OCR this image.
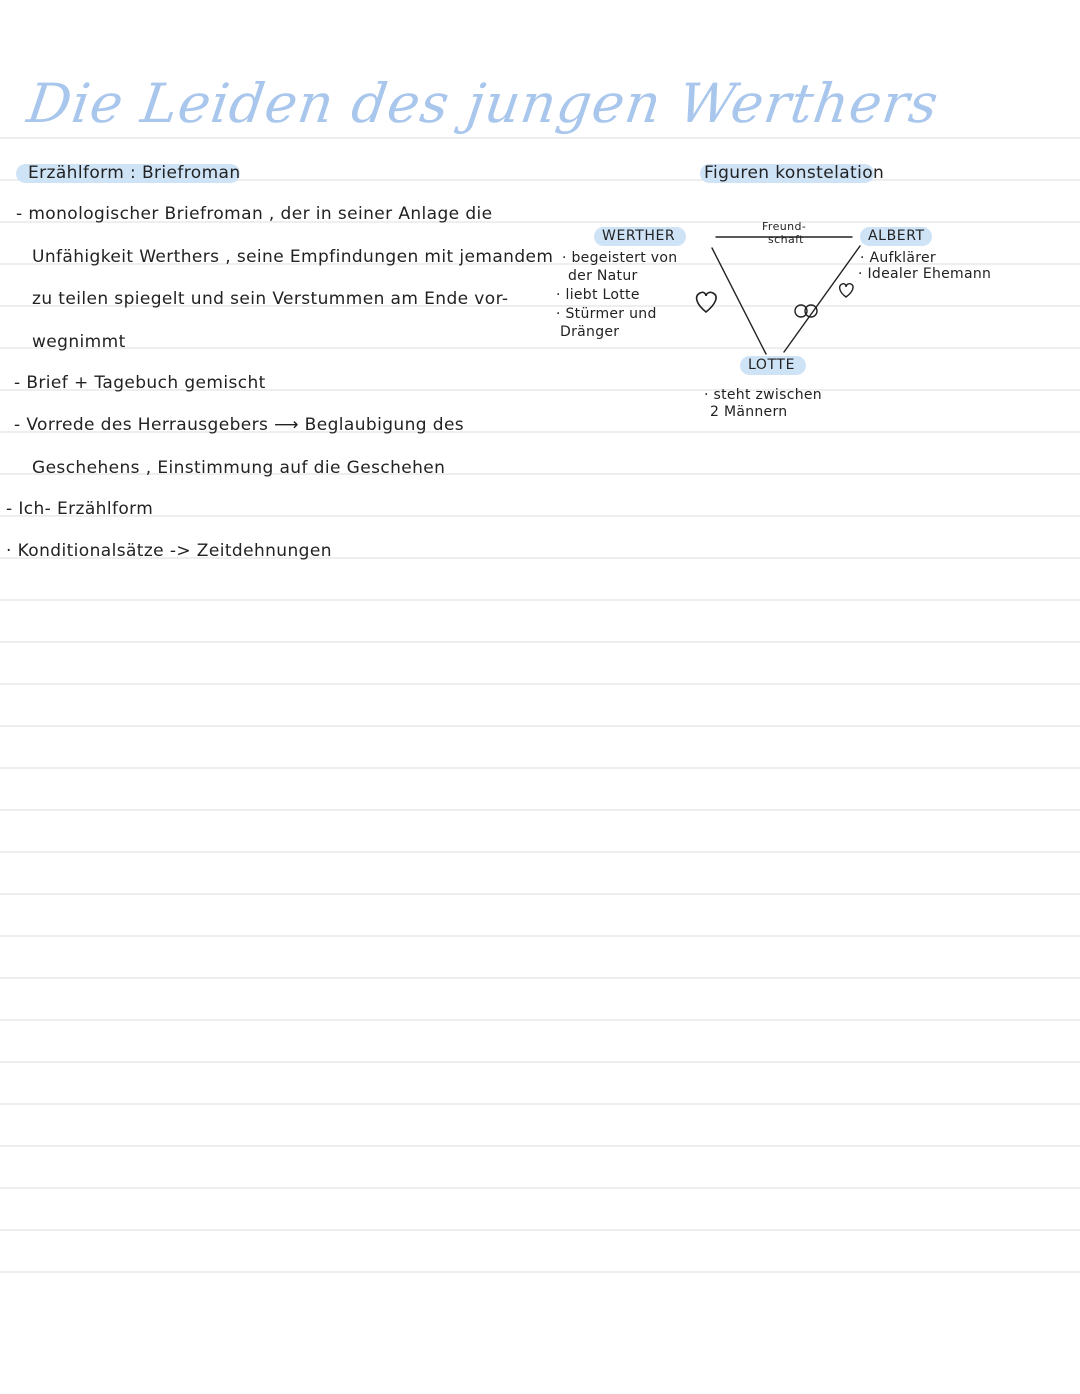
Die Leiden des jungen Werthers
Erzählform : Briefroman
- monologischer Briefroman , der in seiner Anlage die
Unfähigkeit Werthers , seine Empfindungen mit jemandem
zu teilen spiegelt und sein Verstummen am Ende vor-
wegnimmt
- Brief + Tagebuch gemischt
- Vorrede des Herrausgebers ⟶ Beglaubigung des
Geschehens , Einstimmung auf die Geschehen
- Ich- Erzählform
· Konditionalsätze -> Zeitdehnungen
Figuren konstelation
WERTHER
· begeistert von
der Natur
· liebt Lotte
· Stürmer und
Dränger
ALBERT
· Aufklärer
· Idealer Ehemann
LOTTE
· steht zwischen
2 Männern
Freund-
schaft
